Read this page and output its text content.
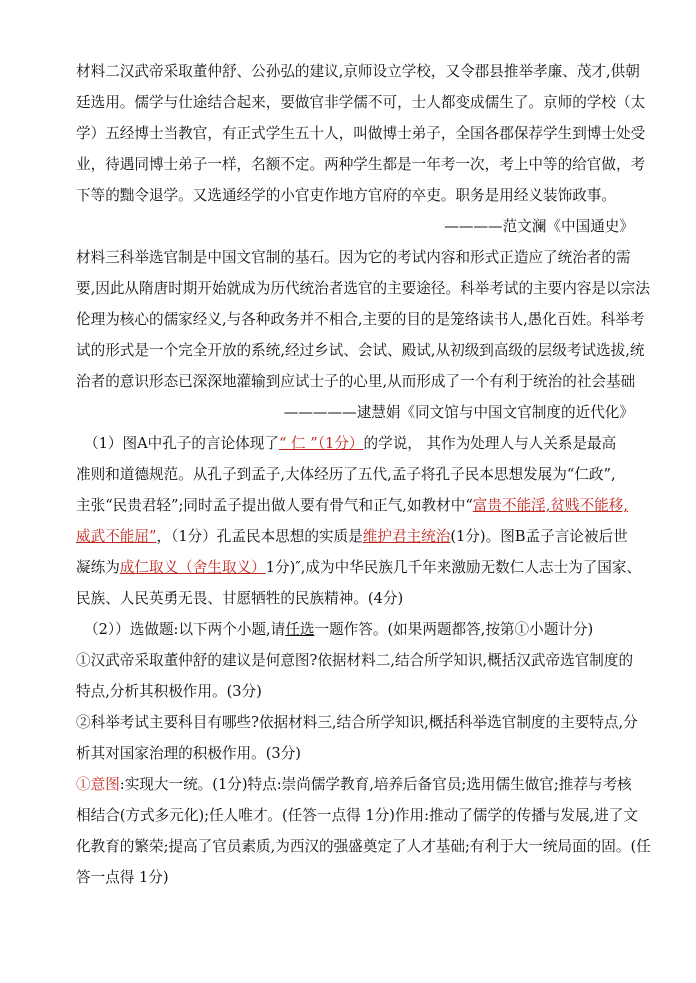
材料二汉武帝采取董仲舒、公孙弘的建议,京师设立学校，又令郡县推举孝廉、茂才,供朝
廷选用。儒学与仕途结合起来，要做官非学儒不可，士人都变成儒生了。京师的学校（太
学）五经博士当教官，有正式学生五十人，叫做博士弟子，全国各郡保荐学生到博士处受
业，待遇同博士弟子一样，名额不定。两种学生都是一年考一次，考上中等的给官做，考
下等的黜令退学。又选通经学的小官吏作地方官府的卒吏。职务是用经义装饰政事。
————范文澜《中国通史》
材料三科举选官制是中国文官制的基石。因为它的考试内容和形式正造应了统治者的需
要,因此从隋唐时期开始就成为历代统治者选官的主要途径。科举考试的主要内容是以宗法
伦理为核心的儒家经义,与各种政务并不相合,主要的目的是笼络读书人,愚化百姓。科举考
试的形式是一个完全开放的系统,经过乡试、会试、殿试,从初级到高级的层级考试选拔,统
治者的意识形态已深深地灌输到应试士子的心里,从而形成了一个有利于统治的社会基础
—————逮慧娟《同文馆与中国文官制度的近代化》
（1）图A中孔子的言论体现了“ 仁 ”（1分）的学说， 其作为处理人与人关系是最高
准则和道德规范。从孔子到孟子,大体经历了五代,孟子将孔子民本思想发展为“仁政”,
主张“民贵君轻”;同时孟子提出做人要有骨气和正气,如教材中“富贵不能淫,贫贱不能移,
威武不能屈”，（1分）孔孟民本思想的实质是维护君主统治(1分)。图B孟子言论被后世
凝练为成仁取义（舍生取义）1分)″,成为中华民族几千年来激励无数仁人志士为了国家、
民族、人民英勇无畏、甘愿牺牲的民族精神。(4分)
（2））选做题:以下两个小题,请任选一题作答。(如果两题都答,按第①小题计分)
①汉武帝采取董仲舒的建议是何意图?依据材料二,结合所学知识,概括汉武帝选官制度的
特点,分析其积极作用。(3分)
②科举考试主要科目有哪些?依据材料三,结合所学知识,概括科举选官制度的主要特点,分
析其对国家治理的积极作用。(3分)
①意图:实现大一统。(1分)特点:崇尚儒学教育,培养后备官员;选用儒生做官;推荐与考核
相结合(方式多元化);任人唯才。(任答一点得 1分)作用:推动了儒学的传播与发展,进了文
化教育的繁荣;提高了官员素质,为西汉的强盛奠定了人才基础;有利于大一统局面的固。(任
答一点得 1分)
